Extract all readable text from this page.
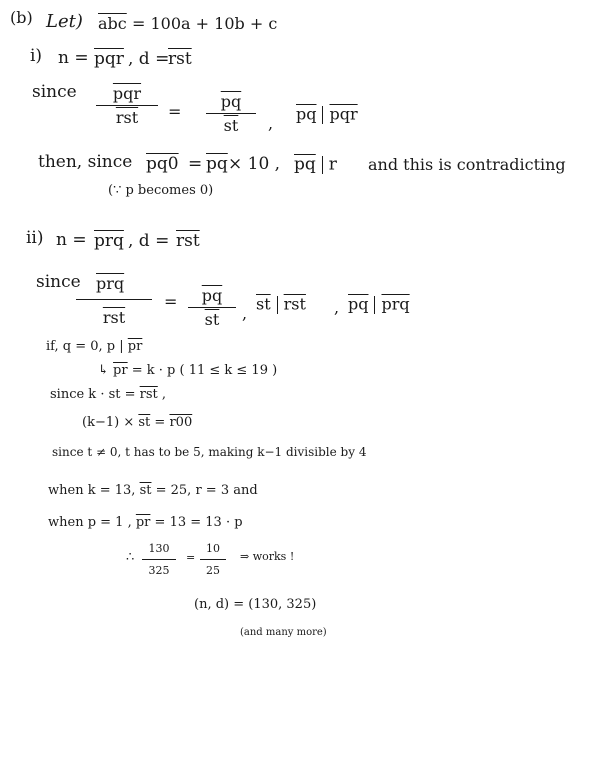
(b) Let) $\overline{abc} = 100a + 10b + c$
i) $n = \overline{pqr}$ , d =
$\overline{rst}$
since	$\overline{pqr}$
$\overline{rst}$	= $\frac{\overline{pq}}{st}$ , $\overline{pq}$ $\overline{pqr}$
then, since $pq0 = \overline{pq} \times 10$ , $\overline{pq}$ r and this is contradicting
(∵ p becomes 0)
ii) $n = \overline{prq}$ , $d = \overline{rst}$
since $\overline{prq}$
$\overline{rst}$
= $\frac{\overline{pq}}{st}$ , $\overline{st}$ $\overline{rst}$ , $\overline{pq}$ $\overline{prq}$
if, q = 0, p | $\overline{pr}$
↳ $\overline{pr} = k \cdot p$ ( 11 ≤ k ≤ 19 )
since k · st = $\overline{rst}$ ,
$(k-1) \times \overline{st} = r00$
since t ≠ 0, t has to be 5, making k−1 divisible by 4
when k = 13, $\overline{st} = 25$, r = 3 and
when p = 1 , $\overline{pr} = 13 = 13 \cdot p$
∴
130
325
=
10
25
⇒ works !
(n, d) = (130, 325)
(and many more)
